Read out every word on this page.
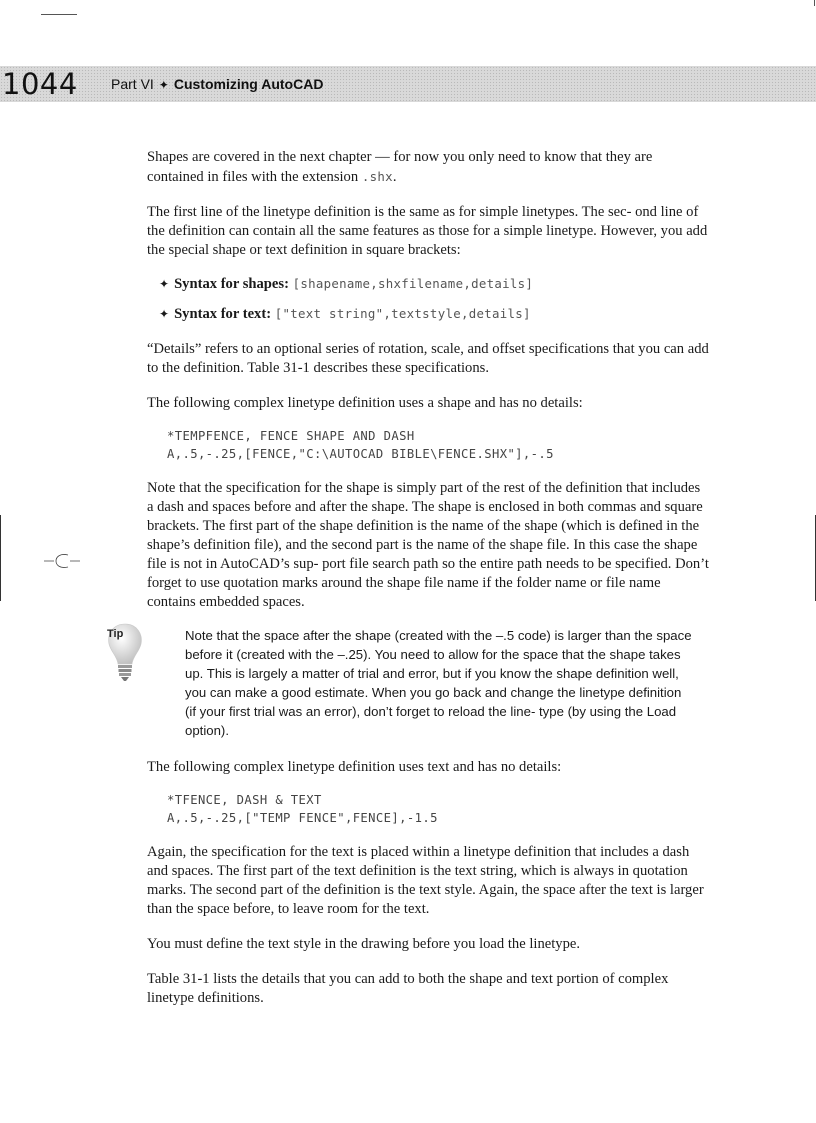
1044 Part VI ✦ Customizing AutoCAD

Shapes are covered in the next chapter — for now you only need to know that they are contained in files with the extension .shx.

The first line of the linetype definition is the same as for simple linetypes. The sec- ond line of the definition can contain all the same features as those for a simple linetype. However, you add the special shape or text definition in square brackets:

✦ Syntax for shapes: [shapename,shxfilename,details]
✦ Syntax for text: ["text string",textstyle,details]

“Details” refers to an optional series of rotation, scale, and offset specifications that you can add to the definition. Table 31-1 describes these specifications.

The following complex linetype definition uses a shape and has no details:

*TEMPFENCE, FENCE SHAPE AND DASH
A,.5,-.25,[FENCE,"C:\AUTOCAD BIBLE\FENCE.SHX"],-.5

Note that the specification for the shape is simply part of the rest of the definition that includes a dash and spaces before and after the shape. The shape is enclosed in both commas and square brackets. The first part of the shape definition is the name of the shape (which is defined in the shape’s definition file), and the second part is the name of the shape file. In this case the shape file is not in AutoCAD’s sup- port file search path so the entire path needs to be specified. Don’t forget to use quotation marks around the shape file name if the folder name or file name contains embedded spaces.

Tip	Note that the space after the shape (created with the –.5 code) is larger than the space before it (created with the –.25). You need to allow for the space that the shape takes up. This is largely a matter of trial and error, but if you know the shape definition well, you can make a good estimate. When you go back and change the linetype definition (if your first trial was an error), don’t forget to reload the line- type (by using the Load option).

The following complex linetype definition uses text and has no details:

*TFENCE, DASH & TEXT
A,.5,-.25,["TEMP FENCE",FENCE],-1.5

Again, the specification for the text is placed within a linetype definition that includes a dash and spaces. The first part of the text definition is the text string, which is always in quotation marks. The second part of the definition is the text style. Again, the space after the text is larger than the space before, to leave room for the text.

You must define the text style in the drawing before you load the linetype.

Table 31-1 lists the details that you can add to both the shape and text portion of complex linetype definitions.
